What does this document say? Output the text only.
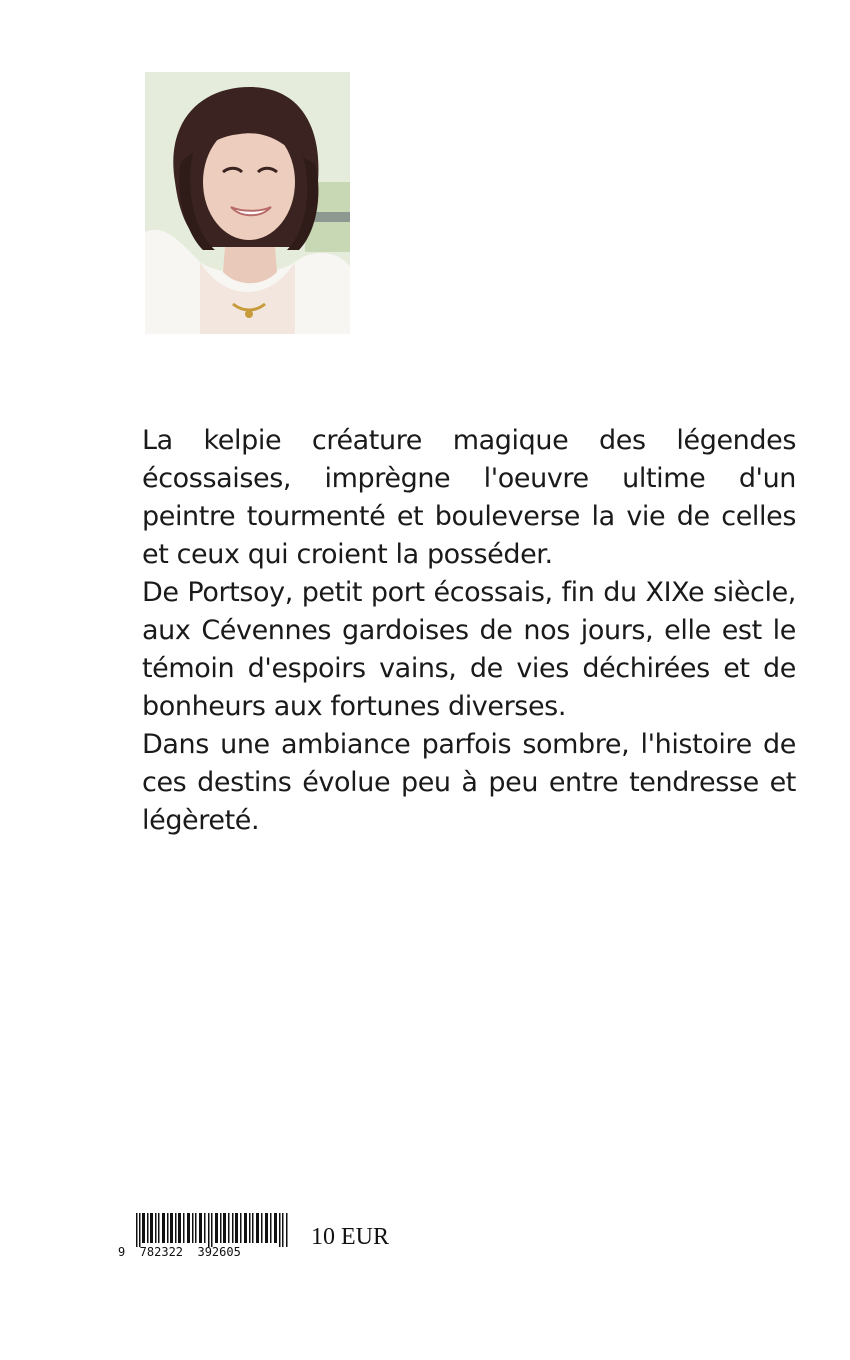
La kelpie créature magique des légendes écossaises, imprègne l'oeuvre ultime d'un peintre tourmenté et bouleverse la vie de celles et ceux qui croient la posséder.

De Portsoy, petit port écossais, fin du XIXe siècle, aux Cévennes gardoises de nos jours, elle est le témoin d'espoirs vains, de vies déchirées et de bonheurs aux fortunes diverses.

Dans une ambiance parfois sombre, l'histoire de ces destins évolue peu à peu entre tendresse et légèreté.

9  782322  392605
10 EUR
